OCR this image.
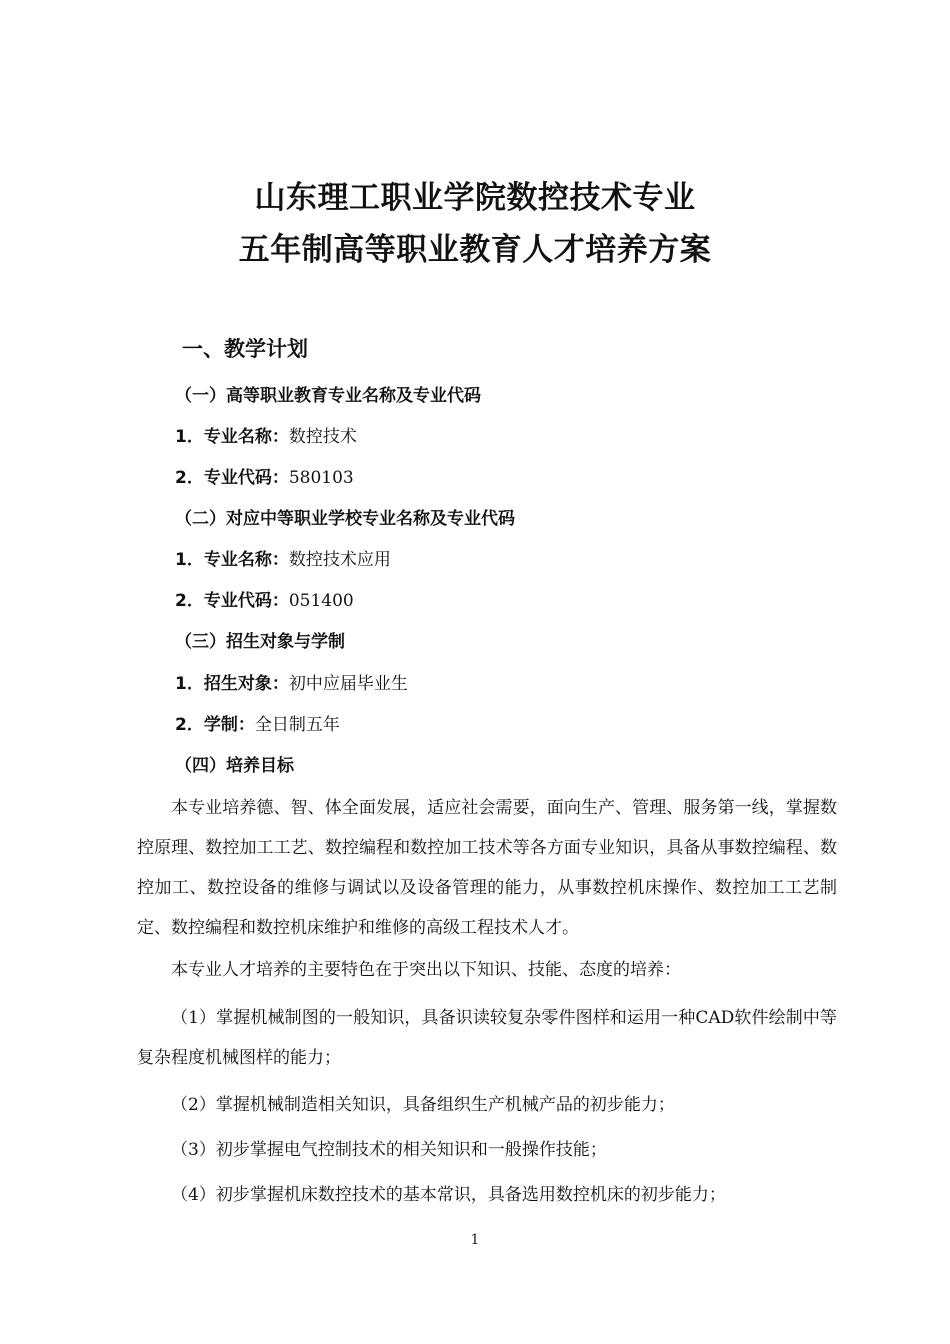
山东理工职业学院数控技术专业
五年制高等职业教育人才培养方案
一、教学计划
（一）高等职业教育专业名称及专业代码
1．专业名称：数控技术
2．专业代码：580103
（二）对应中等职业学校专业名称及专业代码
1．专业名称：数控技术应用
2．专业代码：051400
（三）招生对象与学制
1．招生对象：初中应届毕业生
2．学制：全日制五年
（四）培养目标

本专业培养德、智、体全面发展，适应社会需要，面向生产、管理、服务第一线，掌握数控原理、数控加工工艺、数控编程和数控加工技术等各方面专业知识，具备从事数控编程、数控加工、数控设备的维修与调试以及设备管理的能力，从事数控机床操作、数控加工工艺制定、数控编程和数控机床维护和维修的高级工程技术人才。

本专业人才培养的主要特色在于突出以下知识、技能、态度的培养：

（1）掌握机械制图的一般知识，具备识读较复杂零件图样和运用一种CAD软件绘制中等复杂程度机械图样的能力；

（2）掌握机械制造相关知识，具备组织生产机械产品的初步能力；

（3）初步掌握电气控制技术的相关知识和一般操作技能；

（4）初步掌握机床数控技术的基本常识，具备选用数控机床的初步能力；

1
